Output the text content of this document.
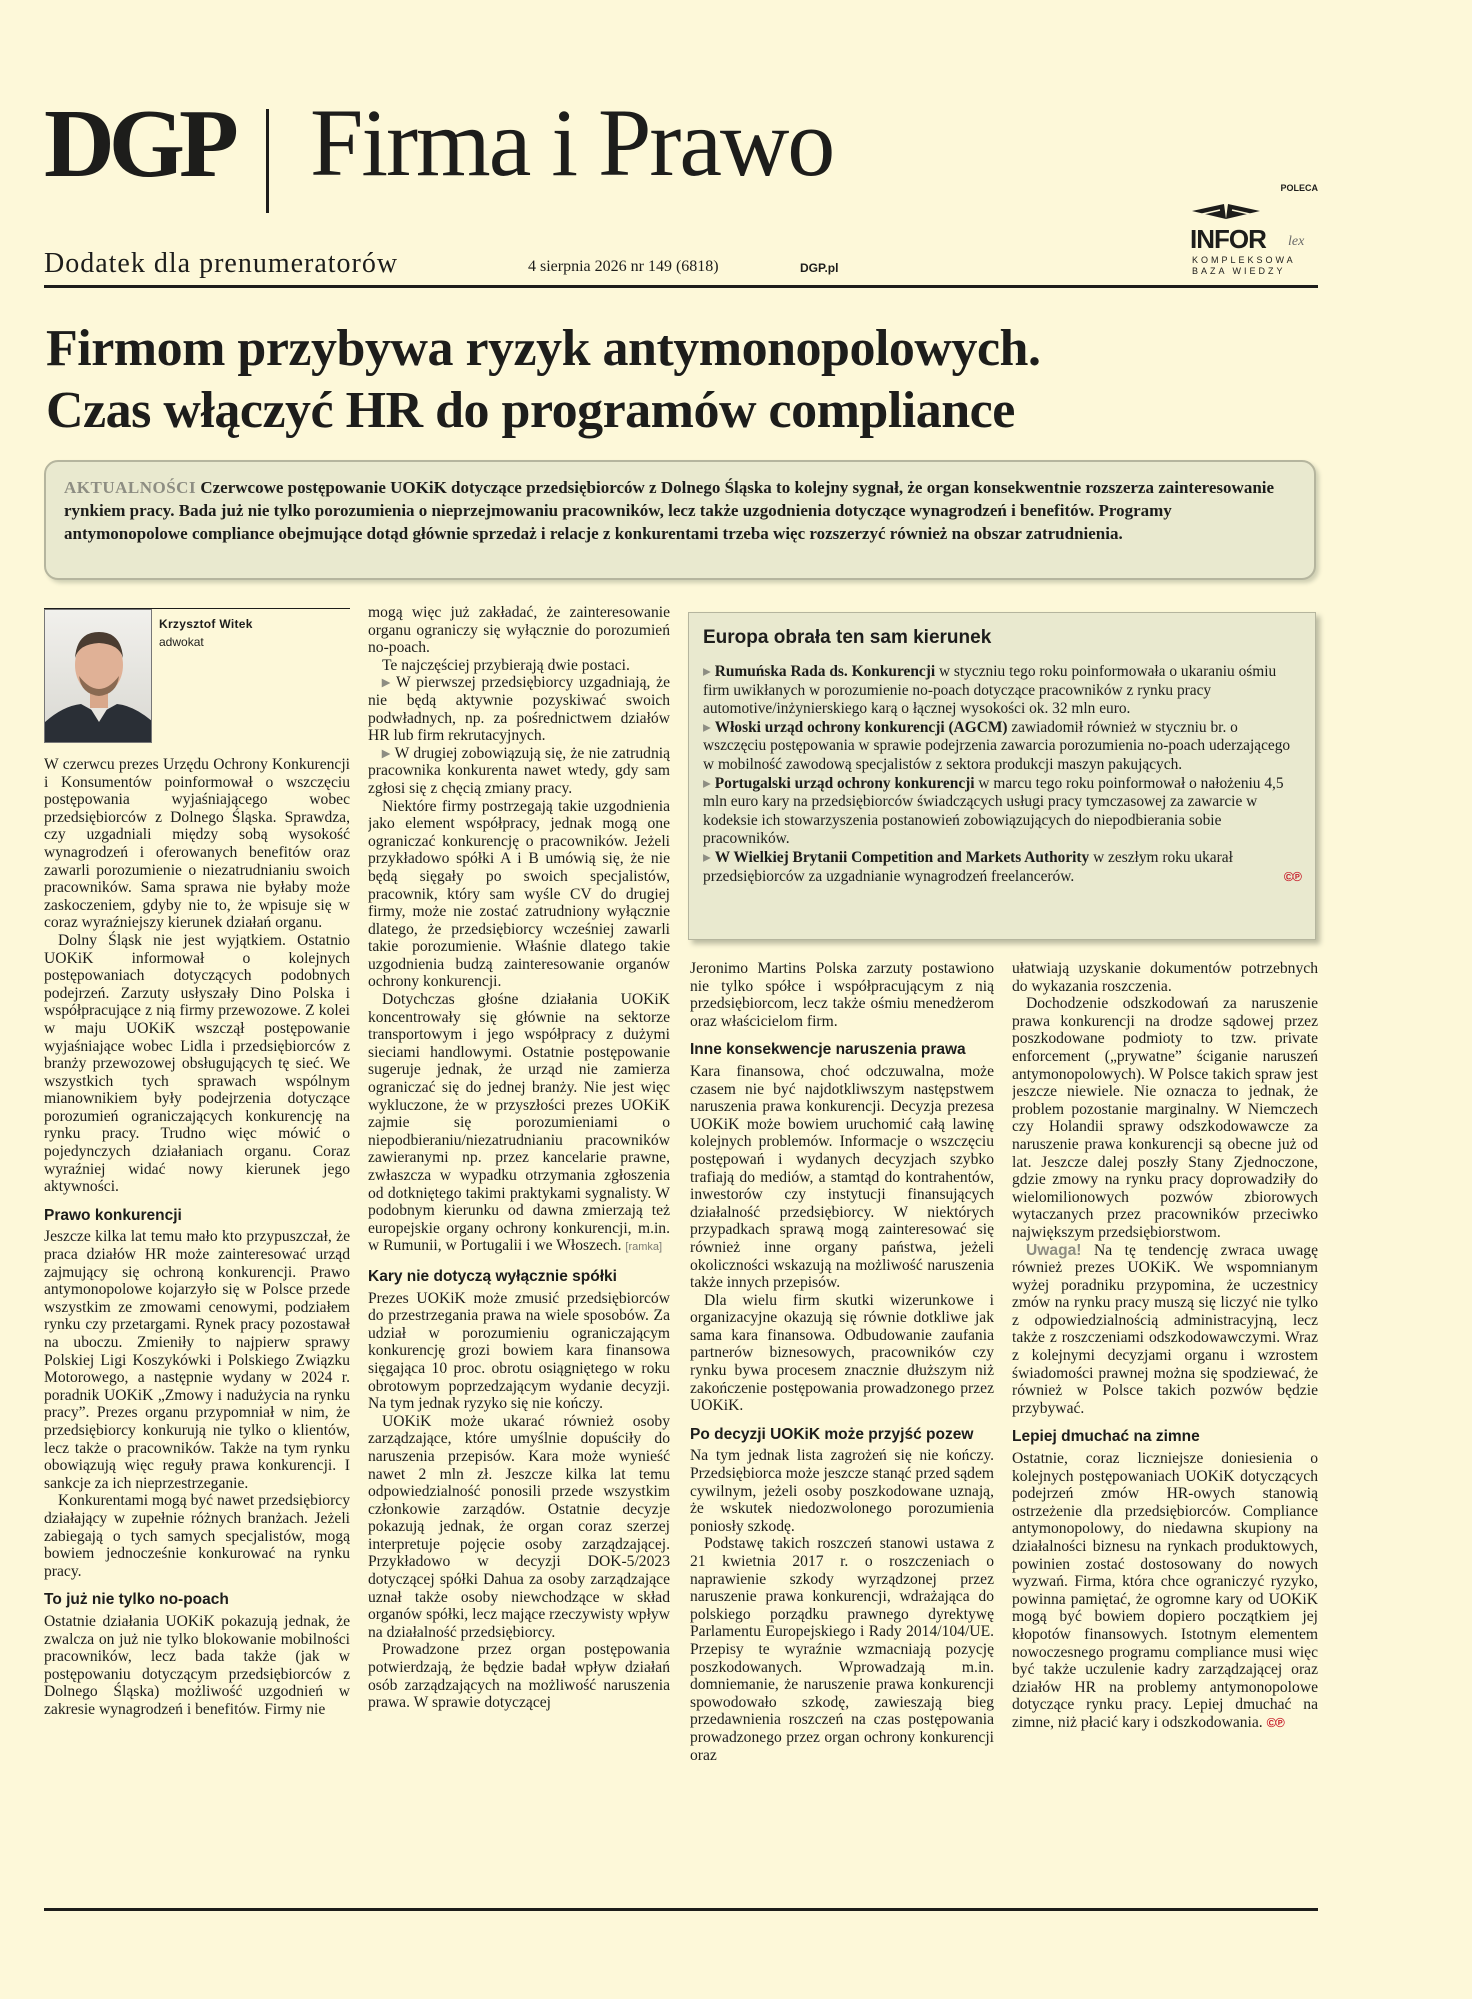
DGP Firma i Prawo
Dodatek dla prenumeratorów	4 sierpnia 2026 nr 149 (6818)	DGP.pl
POLECA
INFOR lex
KOMPLEKSOWA
BAZA WIEDZY
Firmom przybywa ryzyk antymonopolowych.
Czas włączyć HR do programów compliance

AKTUALNOŚCI Czerwcowe postępowanie UOKiK dotyczące przedsiębiorców z Dolnego Śląska to kolejny sygnał, że organ konsekwentnie rozszerza zainteresowanie rynkiem pracy. Bada już nie tylko porozumienia o nieprzejmowaniu pracowników, lecz także uzgodnienia dotyczące wynagrodzeń i benefitów. Programy antymonopolowe compliance obejmujące dotąd głównie sprzedaż i relacje z konkurentami trzeba więc rozszerzyć również na obszar zatrudnienia.

Krzysztof Witek
adwokat

W czerwcu prezes Urzędu Ochrony Konkurencji i Konsumentów poinformował o wszczęciu postępowania wyjaśniającego wobec przedsiębiorców z Dolnego Śląska. Sprawdza, czy uzgadniali między sobą wysokość wynagrodzeń i oferowanych benefitów oraz zawarli porozumienie o niezatrudnianiu swoich pracowników. Sama sprawa nie byłaby może zaskoczeniem, gdyby nie to, że wpisuje się w coraz wyraźniejszy kierunek działań organu.

Dolny Śląsk nie jest wyjątkiem. Ostatnio UOKiK informował o kolejnych postępowaniach dotyczących podobnych podejrzeń. Zarzuty usłyszały Dino Polska i współpracujące z nią firmy przewozowe. Z kolei w maju UOKiK wszczął postępowanie wyjaśniające wobec Lidla i przedsiębiorców z branży przewozowej obsługujących tę sieć. We wszystkich tych sprawach wspólnym mianownikiem były podejrzenia dotyczące porozumień ograniczających konkurencję na rynku pracy. Trudno więc mówić o pojedynczych działaniach organu. Coraz wyraźniej widać nowy kierunek jego aktywności.

Prawo konkurencji

Jeszcze kilka lat temu mało kto przypuszczał, że praca działów HR może zainteresować urząd zajmujący się ochroną konkurencji. Prawo antymonopolowe kojarzyło się w Polsce przede wszystkim ze zmowami cenowymi, podziałem rynku czy przetargami. Rynek pracy pozostawał na uboczu. Zmieniły to najpierw sprawy Polskiej Ligi Koszykówki i Polskiego Związku Motorowego, a następnie wydany w 2024 r. poradnik UOKiK „Zmowy i nadużycia na rynku pracy”. Prezes organu przypomniał w nim, że przedsiębiorcy konkurują nie tylko o klientów, lecz także o pracowników. Także na tym rynku obowiązują więc reguły prawa konkurencji. I sankcje za ich nieprzestrzeganie.

Konkurentami mogą być nawet przedsiębiorcy działający w zupełnie różnych branżach. Jeżeli zabiegają o tych samych specjalistów, mogą bowiem jednocześnie konkurować na rynku pracy.

To już nie tylko no-poach

Ostatnie działania UOKiK pokazują jednak, że zwalcza on już nie tylko blokowanie mobilności pracowników, lecz bada także (jak w postępowaniu dotyczącym przedsiębiorców z Dolnego Śląska) możliwość uzgodnień w zakresie wynagrodzeń i benefitów. Firmy nie

mogą więc już zakładać, że zainteresowanie organu ograniczy się wyłącznie do porozumień no-poach.

Te najczęściej przybierają dwie postaci.

▸ W pierwszej przedsiębiorcy uzgadniają, że nie będą aktywnie pozyskiwać swoich podwładnych, np. za pośrednictwem działów HR lub firm rekrutacyjnych.

▸ W drugiej zobowiązują się, że nie zatrudnią pracownika konkurenta nawet wtedy, gdy sam zgłosi się z chęcią zmiany pracy.

Niektóre firmy postrzegają takie uzgodnienia jako element współpracy, jednak mogą one ograniczać konkurencję o pracowników. Jeżeli przykładowo spółki A i B umówią się, że nie będą sięgały po swoich specjalistów, pracownik, który sam wyśle CV do drugiej firmy, może nie zostać zatrudniony wyłącznie dlatego, że przedsiębiorcy wcześniej zawarli takie porozumienie. Właśnie dlatego takie uzgodnienia budzą zainteresowanie organów ochrony konkurencji.

Dotychczas głośne działania UOKiK koncentrowały się głównie na sektorze transportowym i jego współpracy z dużymi sieciami handlowymi. Ostatnie postępowanie sugeruje jednak, że urząd nie zamierza ograniczać się do jednej branży. Nie jest więc wykluczone, że w przyszłości prezes UOKiK zajmie się porozumieniami o niepodbieraniu/niezatrudnianiu pracowników zawieranymi np. przez kancelarie prawne, zwłaszcza w wypadku otrzymania zgłoszenia od dotkniętego takimi praktykami sygnalisty. W podobnym kierunku od dawna zmierzają też europejskie organy ochrony konkurencji, m.in. w Rumunii, w Portugalii i we Włoszech. [ramka]

Kary nie dotyczą wyłącznie spółki

Prezes UOKiK może zmusić przedsiębiorców do przestrzegania prawa na wiele sposobów. Za udział w porozumieniu ograniczającym konkurencję grozi bowiem kara finansowa sięgająca 10 proc. obrotu osiągniętego w roku obrotowym poprzedzającym wydanie decyzji. Na tym jednak ryzyko się nie kończy.

UOKiK może ukarać również osoby zarządzające, które umyślnie dopuściły do naruszenia przepisów. Kara może wynieść nawet 2 mln zł. Jeszcze kilka lat temu odpowiedzialność ponosili przede wszystkim członkowie zarządów. Ostatnie decyzje pokazują jednak, że organ coraz szerzej interpretuje pojęcie osoby zarządzającej. Przykładowo w decyzji DOK-5/2023 dotyczącej spółki Dahua za osoby zarządzające uznał także osoby niewchodzące w skład organów spółki, lecz mające rzeczywisty wpływ na działalność przedsiębiorcy.

Prowadzone przez organ postępowania potwierdzają, że będzie badał wpływ działań osób zarządzających na możliwość naruszenia prawa. W sprawie dotyczącej

Europa obrała ten sam kierunek
▸ Rumuńska Rada ds. Konkurencji w styczniu tego roku poinformowała o ukaraniu ośmiu firm uwikłanych w porozumienie no-poach dotyczące pracowników z rynku pracy automotive/inżynierskiego karą o łącznej wysokości ok. 32 mln euro.
▸ Włoski urząd ochrony konkurencji (AGCM) zawiadomił również w styczniu br. o wszczęciu postępowania w sprawie podejrzenia zawarcia porozumienia no-poach uderzającego w mobilność zawodową specjalistów z sektora produkcji maszyn pakujących.
▸ Portugalski urząd ochrony konkurencji w marcu tego roku poinformował o nałożeniu 4,5 mln euro kary na przedsiębiorców świadczących usługi pracy tymczasowej za zawarcie w kodeksie ich stowarzyszenia postanowień zobowiązujących do niepodbierania sobie pracowników.
▸ W Wielkiej Brytanii Competition and Markets Authority w zeszłym roku ukarał przedsiębiorców za uzgadnianie wynagrodzeń freelancerów.	©℗

Jeronimo Martins Polska zarzuty postawiono nie tylko spółce i współpracującym z nią przedsiębiorcom, lecz także ośmiu menedżerom oraz właścicielom firm.

Inne konsekwencje naruszenia prawa

Kara finansowa, choć odczuwalna, może czasem nie być najdotkliwszym następstwem naruszenia prawa konkurencji. Decyzja prezesa UOKiK może bowiem uruchomić całą lawinę kolejnych problemów. Informacje o wszczęciu postępowań i wydanych decyzjach szybko trafiają do mediów, a stamtąd do kontrahentów, inwestorów czy instytucji finansujących działalność przedsiębiorcy. W niektórych przypadkach sprawą mogą zainteresować się również inne organy państwa, jeżeli okoliczności wskazują na możliwość naruszenia także innych przepisów.

Dla wielu firm skutki wizerunkowe i organizacyjne okazują się równie dotkliwe jak sama kara finansowa. Odbudowanie zaufania partnerów biznesowych, pracowników czy rynku bywa procesem znacznie dłuższym niż zakończenie postępowania prowadzonego przez UOKiK.

Po decyzji UOKiK może przyjść pozew

Na tym jednak lista zagrożeń się nie kończy. Przedsiębiorca może jeszcze stanąć przed sądem cywilnym, jeżeli osoby poszkodowane uznają, że wskutek niedozwolonego porozumienia poniosły szkodę.

Podstawę takich roszczeń stanowi ustawa z 21 kwietnia 2017 r. o roszczeniach o naprawienie szkody wyrządzonej przez naruszenie prawa konkurencji, wdrażająca do polskiego porządku prawnego dyrektywę Parlamentu Europejskiego i Rady 2014/104/UE. Przepisy te wyraźnie wzmacniają pozycję poszkodowanych. Wprowadzają m.in. domniemanie, że naruszenie prawa konkurencji spowodowało szkodę, zawieszają bieg przedawnienia roszczeń na czas postępowania prowadzonego przez organ ochrony konkurencji oraz

ułatwiają uzyskanie dokumentów potrzebnych do wykazania roszczenia.

Dochodzenie odszkodowań za naruszenie prawa konkurencji na drodze sądowej przez poszkodowane podmioty to tzw. private enforcement („prywatne” ściganie naruszeń antymonopolowych). W Polsce takich spraw jest jeszcze niewiele. Nie oznacza to jednak, że problem pozostanie marginalny. W Niemczech czy Holandii sprawy odszkodowawcze za naruszenie prawa konkurencji są obecne już od lat. Jeszcze dalej poszły Stany Zjednoczone, gdzie zmowy na rynku pracy doprowadziły do wielomilionowych pozwów zbiorowych wytaczanych przez pracowników przeciwko największym przedsiębiorstwom.

Uwaga! Na tę tendencję zwraca uwagę również prezes UOKiK. We wspomnianym wyżej poradniku przypomina, że uczestnicy zmów na rynku pracy muszą się liczyć nie tylko z odpowiedzialnością administracyjną, lecz także z roszczeniami odszkodowawczymi. Wraz z kolejnymi decyzjami organu i wzrostem świadomości prawnej można się spodziewać, że również w Polsce takich pozwów będzie przybywać.

Lepiej dmuchać na zimne

Ostatnie, coraz liczniejsze doniesienia o kolejnych postępowaniach UOKiK dotyczących podejrzeń zmów HR-owych stanowią ostrzeżenie dla przedsiębiorców. Compliance antymonopolowy, do niedawna skupiony na działalności biznesu na rynkach produktowych, powinien zostać dostosowany do nowych wyzwań. Firma, która chce ograniczyć ryzyko, powinna pamiętać, że ogromne kary od UOKiK mogą być bowiem dopiero początkiem jej kłopotów finansowych. Istotnym elementem nowoczesnego programu compliance musi więc być także uczulenie kadry zarządzającej oraz działów HR na problemy antymonopolowe dotyczące rynku pracy. Lepiej dmuchać na zimne, niż płacić kary i odszkodowania. ©℗
